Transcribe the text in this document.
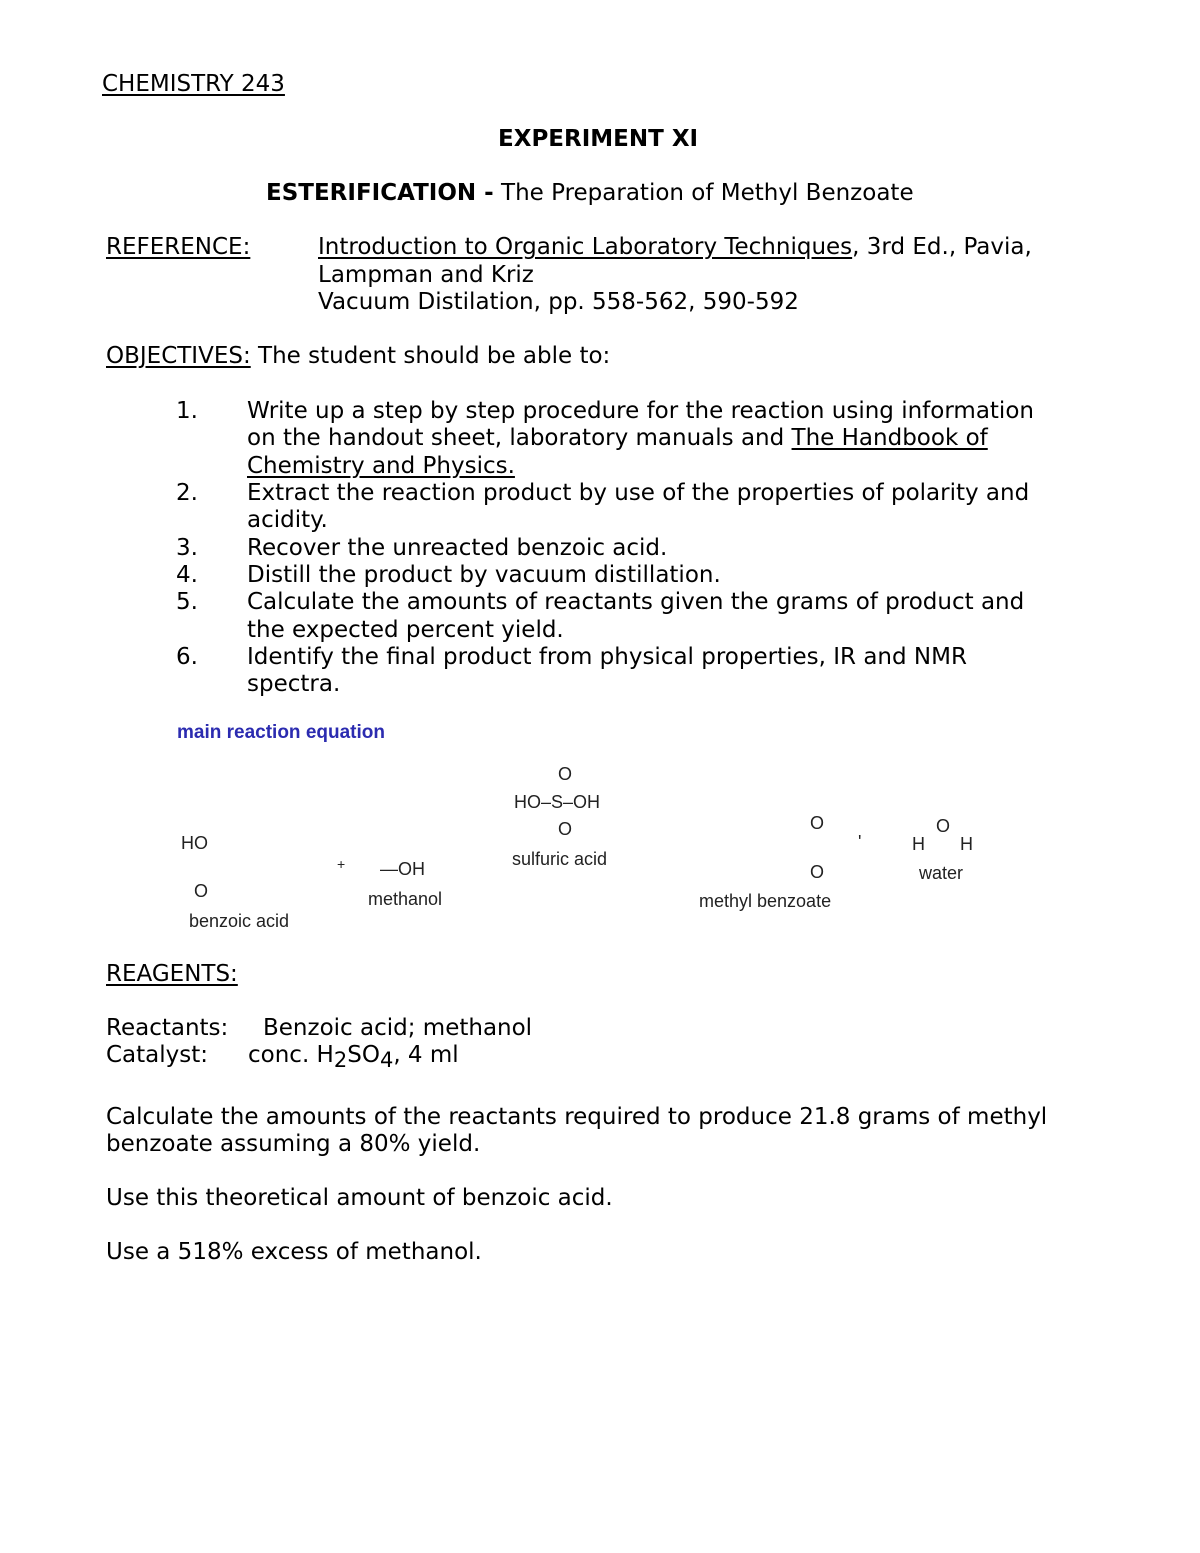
CHEMISTRY 243
EXPERIMENT XI
ESTERIFICATION - The Preparation of Methyl Benzoate
REFERENCE:	Introduction to Organic Laboratory Techniques, 3rd Ed., Pavia,
Lampman and Kriz
Vacuum Distilation, pp. 558-562, 590-592
OBJECTIVES: The student should be able to:
1. Write up a step by step procedure for the reaction using information
on the handout sheet, laboratory manuals and The Handbook of
Chemistry and Physics.
2. Extract the reaction product by use of the properties of polarity and
acidity.
3. Recover the unreacted benzoic acid.
4. Distill the product by vacuum distillation.
5. Calculate the amounts of reactants given the grams of product and
the expected percent yield.
6. Identify the final product from physical properties, IR and NMR
spectra.
main reaction equation
HO
O
benzoic acid
+ —OH
methanol
O
HO–S–OH
O
sulfuric acid
O
O
methyl benzoate
'	H
O
H
water
REAGENTS:
Reactants: Benzoic acid; methanol
Catalyst: conc. $H_2SO_4$, 4 ml
Calculate the amounts of the reactants required to produce 21.8 grams of methyl
benzoate assuming a 80% yield.
Use this theoretical amount of benzoic acid.
Use a 518% excess of methanol.
